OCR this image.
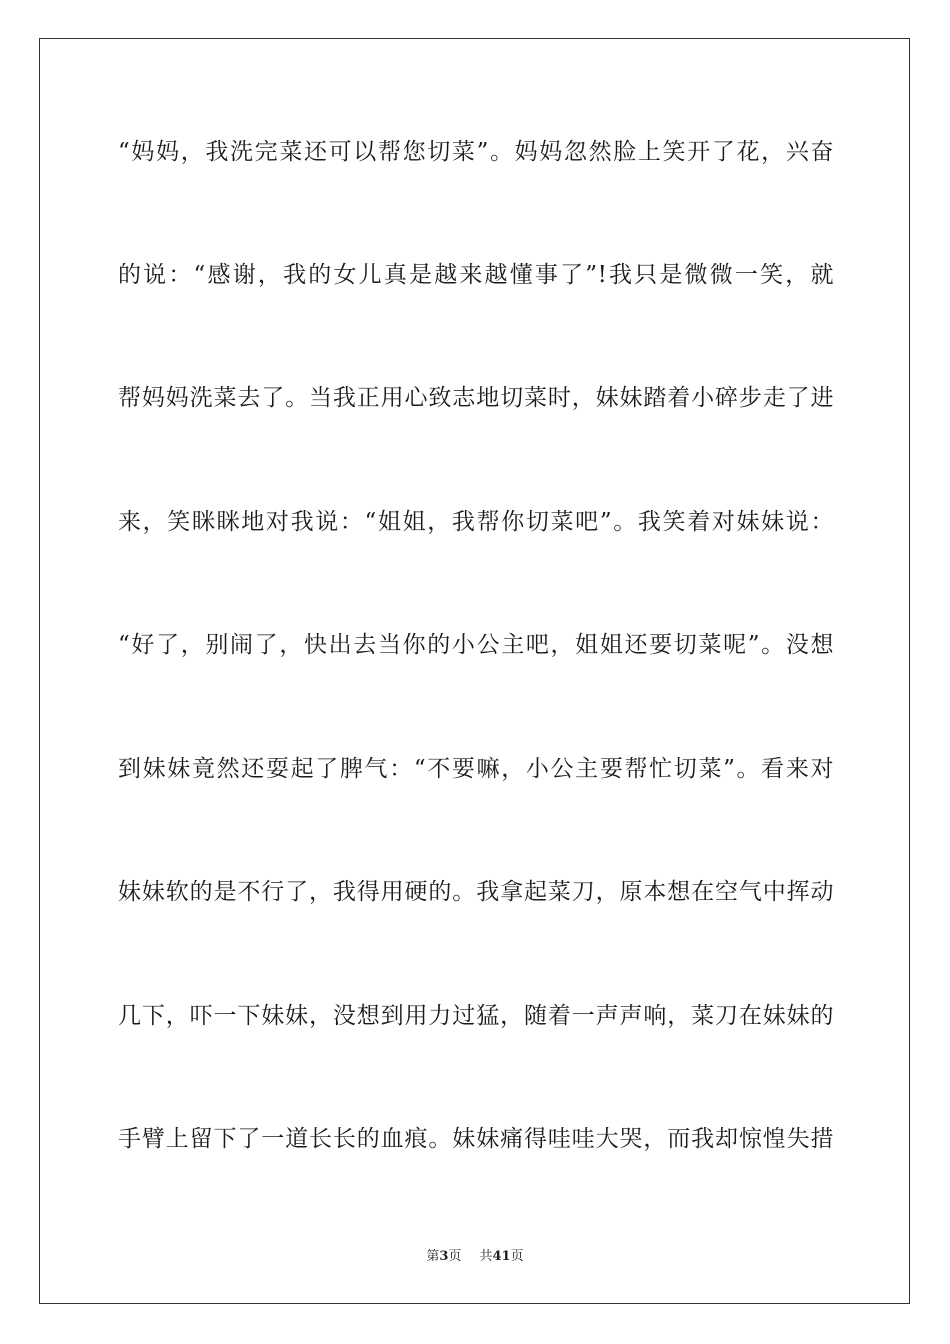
“妈妈，我洗完菜还可以帮您切菜”。妈妈忽然脸上笑开了花，兴奋
的说：“感谢，我的女儿真是越来越懂事了”!我只是微微一笑，就
帮妈妈洗菜去了。当我正用心致志地切菜时，妹妹踏着小碎步走了进
来，笑眯眯地对我说：“姐姐，我帮你切菜吧”。我笑着对妹妹说：
“好了，别闹了，快出去当你的小公主吧，姐姐还要切菜呢”。没想
到妹妹竟然还耍起了脾气：“不要嘛，小公主要帮忙切菜”。看来对
妹妹软的是不行了，我得用硬的。我拿起菜刀，原本想在空气中挥动
几下，吓一下妹妹，没想到用力过猛，随着一声声响，菜刀在妹妹的
手臂上留下了一道长长的血痕。妹妹痛得哇哇大哭，而我却惊惶失措
第3页 共41页
